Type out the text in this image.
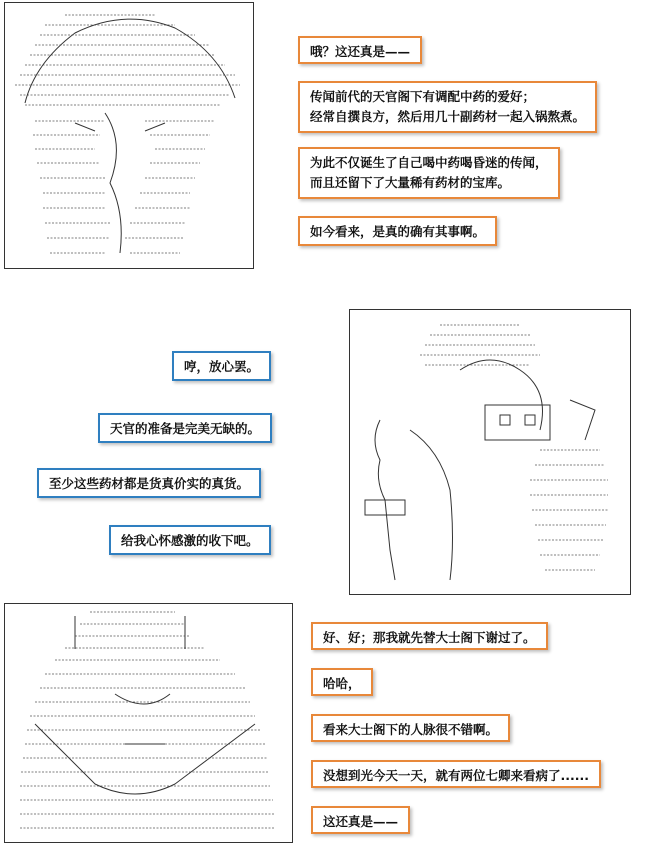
哦？这还真是——
传闻前代的天官阁下有调配中药的爱好；
经常自撰良方，然后用几十副药材一起入锅熬煮。
为此不仅诞生了自己喝中药喝昏迷的传闻，
而且还留下了大量稀有药材的宝库。
如今看来，是真的确有其事啊。
哼，放心罢。
天官的准备是完美无缺的。
至少这些药材都是货真价实的真货。
给我心怀感激的收下吧。
好、好；那我就先替大士阁下谢过了。
哈哈，
看来大士阁下的人脉很不错啊。
没想到光今天一天，就有两位七卿来看病了......
这还真是——
